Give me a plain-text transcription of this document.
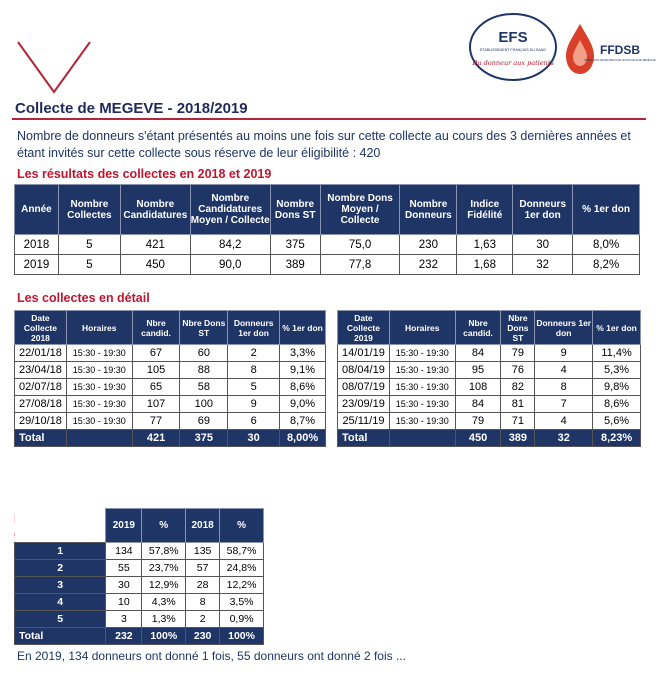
EFS
ÉTABLISSEMENT FRANÇAIS DU SANG
Du donneur aux patients
FFDSB
FÉDÉRATION FRANÇAISE POUR LE DON DE SANG BÉNÉVOLE
Collecte de MEGEVE - 2018/2019
Nombre de donneurs s'étant présentés au moins une fois sur cette collecte au cours des 3 dernières années et étant invités sur cette collecte sous réserve de leur éligibilité : 420
Les résultats des collectes en 2018 et 2019
Année	Nombre Collectes	Nombre Candidatures	Nombre Candidatures Moyen / Collecte	Nombre Dons ST	Nombre Dons Moyen / Collecte	Nombre Donneurs	Indice Fidélité	Donneurs 1er don	% 1er don
2018	5	421	84,2	375	75,0	230	1,63	30	8,0%
2019	5	450	90,0	389	77,8	232	1,68	32	8,2%
Les collectes en détail
Date Collecte
2018	Horaires	Nbre candid.	Nbre Dons ST	Donneurs 1er don	% 1er don
22/01/18	15:30 - 19:30	67	60	2	3,3%
23/04/18	15:30 - 19:30	105	88	8	9,1%
02/07/18	15:30 - 19:30	65	58	5	8,6%
27/08/18	15:30 - 19:30	107	100	9	9,0%
29/10/18	15:30 - 19:30	77	69	6	8,7%
Total		421	375	30	8,00%
Date Collecte
2019	Horaires	Nbre candid.	Nbre Dons ST	Donneurs 1er don	% 1er don
14/01/19	15:30 - 19:30	84	79	9	11,4%
08/04/19	15:30 - 19:30	95	76	4	5,3%
08/07/19	15:30 - 19:30	108	82	8	9,8%
23/09/19	15:30 - 19:30	84	81	7	8,6%
25/11/19	15:30 - 19:30	79	71	4	5,6%
Total		450	389	32	8,23%
	2019	%	2018	%
1	134	57,8%	135	58,7%
2	55	23,7%	57	24,8%
3	30	12,9%	28	12,2%
4	10	4,3%	8	3,5%
5	3	1,3%	2	0,9%
Total	232	100%	230	100%
En 2019, 134 donneurs ont donné 1 fois, 55 donneurs ont donné 2 fois ...
